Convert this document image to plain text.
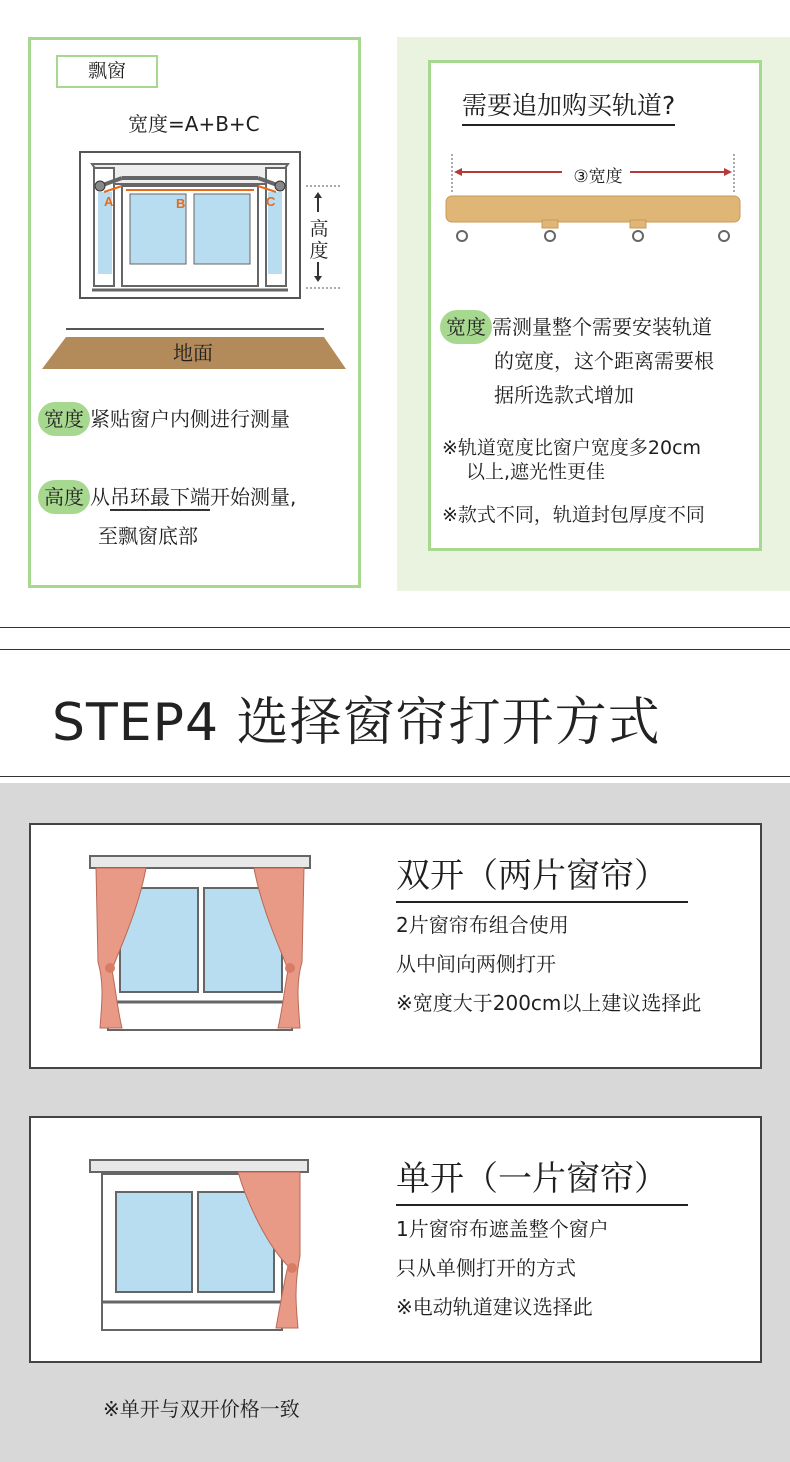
飘窗
宽度=A+B+C
A	B	C
高度
地面
宽度 紧贴窗户内侧进行测量
高度 从吊环最下端开始测量,
至飘窗底部
需要追加购买轨道?
③宽度
宽度 需测量整个需要安装轨道
的宽度，这个距离需要根
据所选款式增加
※轨道宽度比窗户宽度多20cm
以上,遮光性更佳
※款式不同，轨道封包厚度不同
STEP4 选择窗帘打开方式
双开（两片窗帘）
2片窗帘布组合使用
从中间向两侧打开
※宽度大于200cm以上建议选择此
单开（一片窗帘）
1片窗帘布遮盖整个窗户
只从单侧打开的方式
※电动轨道建议选择此
※单开与双开价格一致
